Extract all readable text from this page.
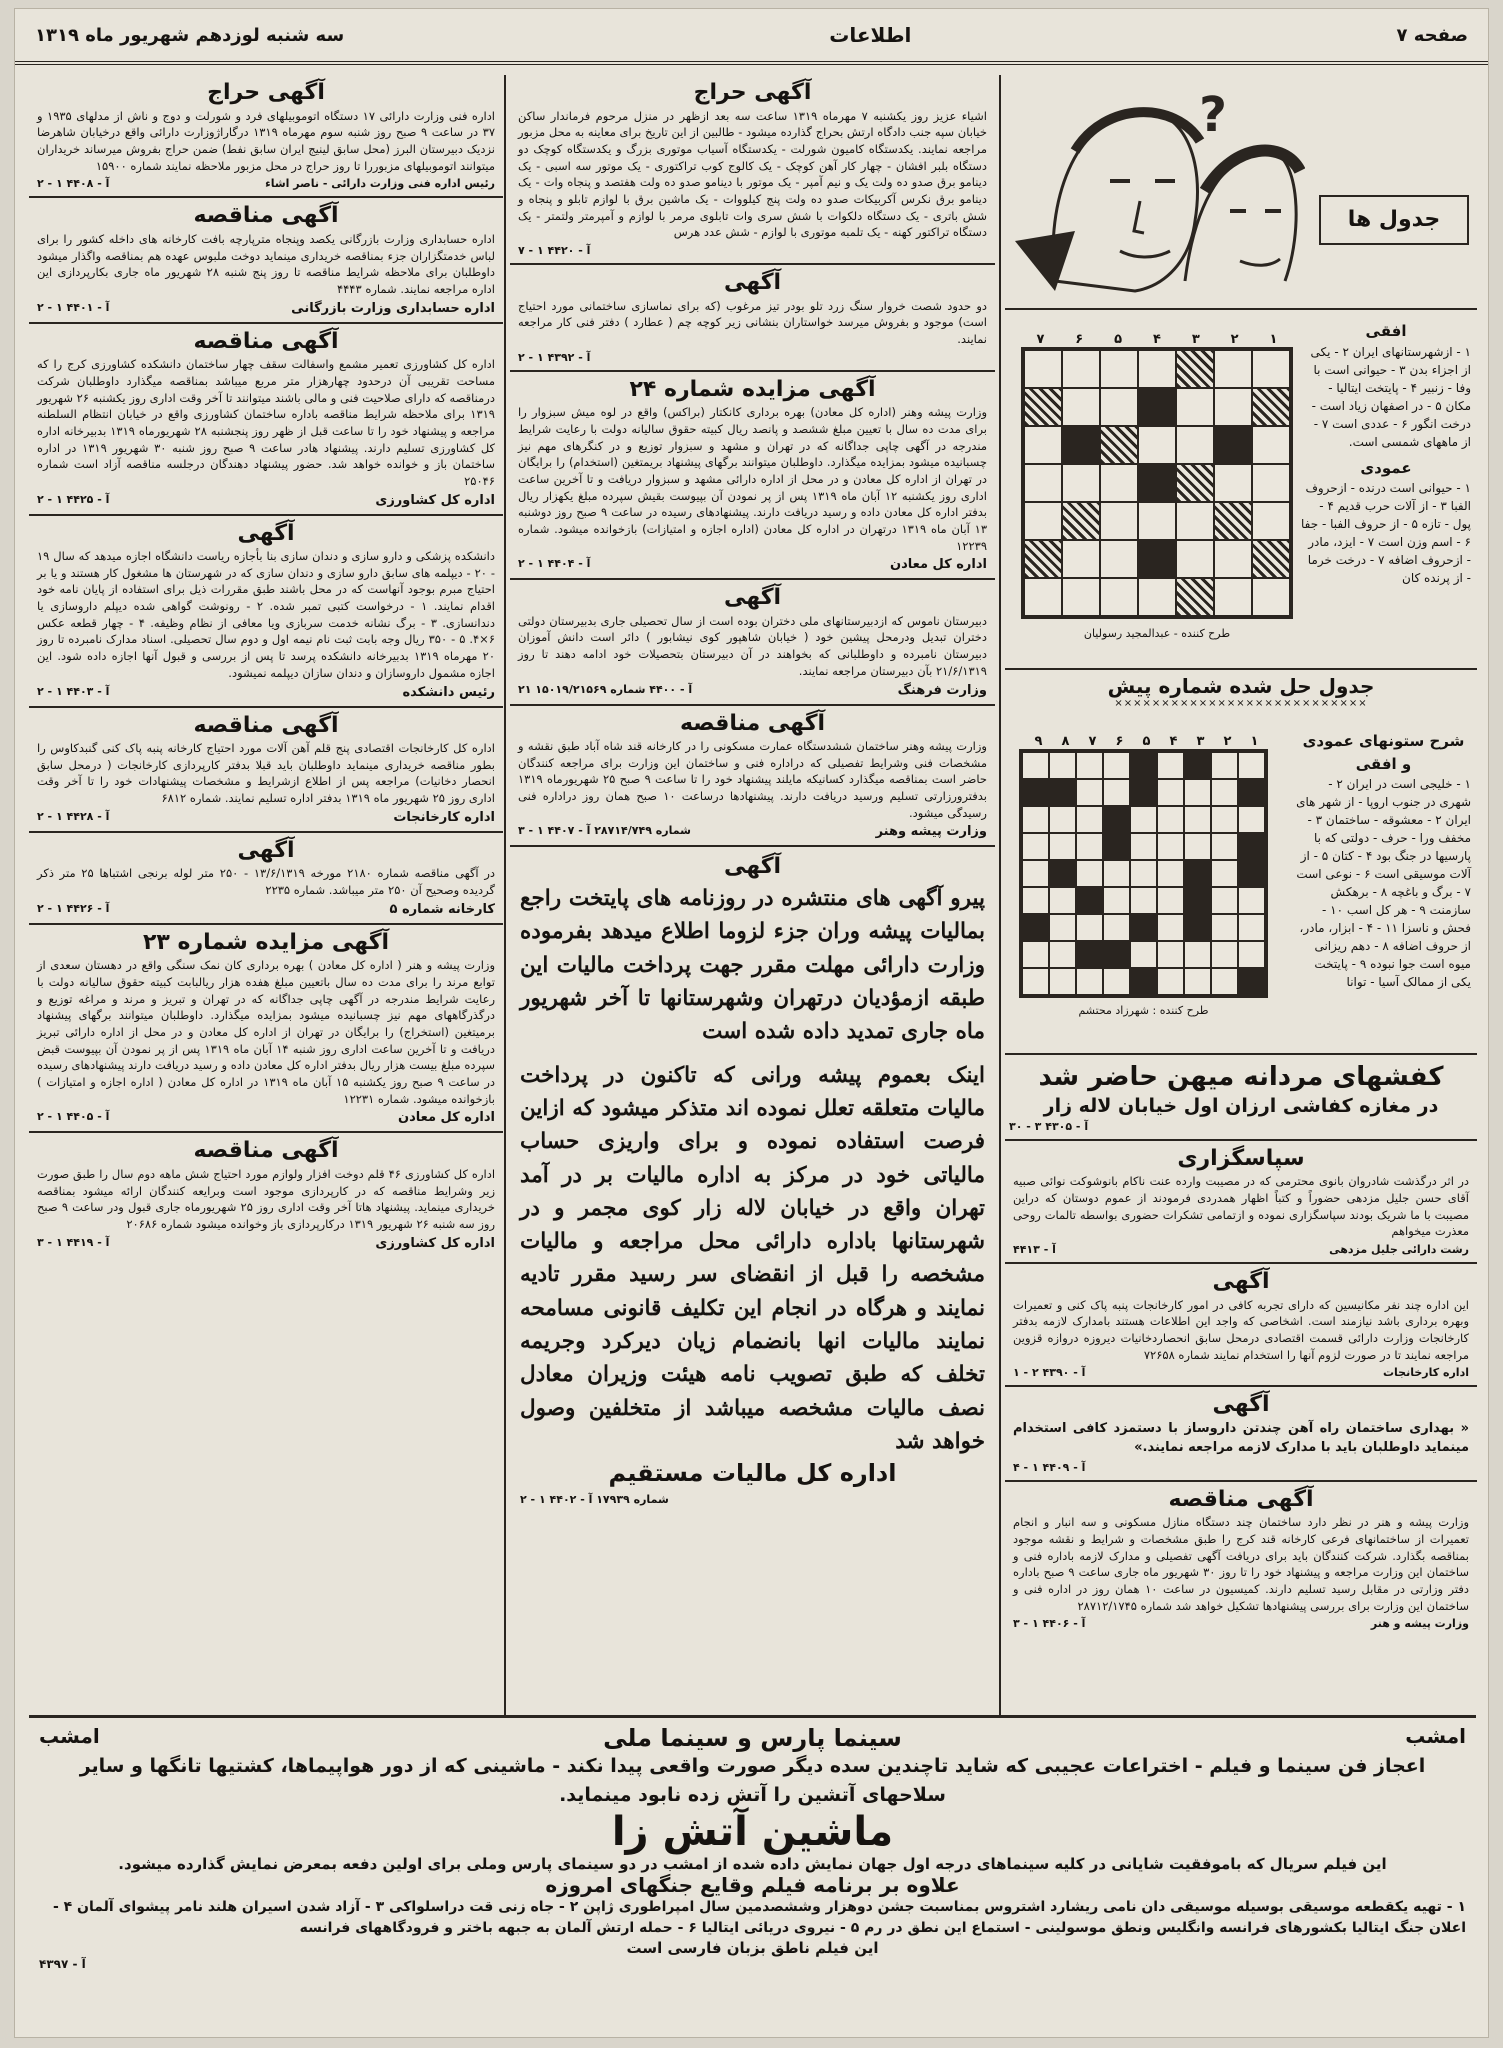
صفحه ۷
اطلاعات
سه شنبه لوزدهم شهریور ماه ۱۳۱۹
جدول ها
?
۷ ۶ ۵ ۴ ۳ ۲ ۱
طرح کننده - عبدالمجید رسولیان
افقی
۱ - ازشهرستانهای ایران ۲ - یکی از اجزاء بدن ۳ - حیوانی است با وفا - زنبیر ۴ - پایتخت ایتالیا - مکان ۵ - در اصفهان زیاد است - درخت انگور ۶ - عددی است ۷ - از ماههای شمسی است.
عمودی
۱ - حیوانی است درنده - ازحروف الفبا ۳ - از آلات حرب قدیم ۴ - پول - تازه ۵ - از حروف الفبا - جفا ۶ - اسم وزن است ۷ - ایزد، مادر - ازحروف اضافه ۷ - درخت خرما - از پرنده کان
جدول حل شده شماره پیش
×××××××××××××××××××××××××××
۹ ۸ ۷ ۶ ۵ ۴ ۳ ۲ ۱
طرح کننده : شهرزاد محتشم
شرح ستونهای عمودی و افقی
۱ - خلیجی است در ایران ۲ - شهری در جنوب اروپا - از شهر های ایران ۲ - معشوقه - ساختمان ۳ - مخفف ورا - حرف - دولتی که با پارسیها در جنگ بود ۴ - کتان ۵ - از آلات موسیقی است ۶ - نوعی است ۷ - برگ و باغچه ۸ - برهکش سازمنت ۹ - هر کل اسب ۱۰ - فحش و ناسزا ۱۱ - ۴ - ابزار، مادر، از حروف اضافه ۸ - دهم ریزانی میوه است جوا نبوده ۹ - پایتخت یکی از ممالک آسیا - توانا
کفشهای مردانه میهن حاضر شد
در مغازه کفاشی ارزان اول خیابان لاله زار
آ - ۴۳۰۵ ۳ - ۳۰
سپاسگزاری
در اثر درگذشت شادروان بانوی محترمی که در مصیبت وارده عنت ناکام بانوشوکت نوائی صبیه آقای حسن جلیل مزدهی حضوراً و کتباً اظهار همدردی فرمودند از عموم دوستان که دراین مصیبت با ما شریک بودند سپاسگزاری نموده و ازتمامی تشکرات حضوری بواسطه تالمات روحی معذرت میخواهم
رشت دارائی جلیل مزدهی
آ - ۴۴۱۳
آگهی
این اداره چند نفر مکانیسین که دارای تجربه کافی در امور کارخانجات پنبه پاک کنی و تعمیرات وبهره برداری باشد نیازمند است. اشخاصی که واجد این اطلاعات هستند بامدارک لازمه بدفتر کارخانجات وزارت دارائی قسمت اقتصادی درمحل سابق انحصاردخانیات دیروزه دروازه قزوین مراجعه نمایند تا در صورت لزوم آنها را استخدام نمایند شماره ۷۲۶۵۸
اداره کارخانجات
آ - ۴۳۹۰ ۲ - ۱
آگهی
« بهداری ساختمان راه آهن چندتن داروساز با دستمزد کافی استخدام مینماید داوطلبان باید با مدارک لازمه مراجعه نمایند.»
آ - ۴۴۰۹ ۱ - ۴
آگهی مناقصه
وزارت پیشه و هنر در نظر دارد ساختمان چند دستگاه منازل مسکونی و سه انبار و انجام تعمیرات از ساختمانهای فرعی کارخانه قند کرج را طبق مشخصات و شرایط و نقشه موجود بمناقصه بگذارد. شرکت کنندگان باید برای دریافت آگهی تفصیلی و مدارک لازمه باداره فنی و ساختمان این وزارت مراجعه و پیشنهاد خود را تا روز ۳۰ شهریور ماه جاری ساعت ۹ صبح باداره دفتر وزارتی در مقابل رسید تسلیم دارند. کمیسیون در ساعت ۱۰ همان روز در اداره فنی و ساختمان این وزارت برای بررسی پیشنهادها تشکیل خواهد شد شماره ۲۸۷۱۲/۱۷۴۵
وزارت پیشه و هنر
آ - ۴۴۰۶ ۱ - ۳
آگهی حراج
اشیاء عزیز روز یکشنبه ۷ مهرماه ۱۳۱۹ ساعت سه بعد ازظهر در منزل مرحوم فرماندار ساکن خیابان سپه جنب دادگاه ارتش بحراج گذارده میشود - طالبین از این تاریخ برای معاینه به محل مزبور مراجعه نمایند. یکدستگاه کامیون شورلت - یکدستگاه آسیاب موتوری بزرگ و یکدستگاه کوچک دو دستگاه بلبر افشان - چهار کار آهن کوچک - یک کالوج کوب تراکتوری - یک موتور سه اسبی - یک دینامو برق صدو ده ولت یک و نیم آمپر - یک موتور با دینامو صدو ده ولت هفتصد و پنجاه وات - یک دینامو برق نکرس آکربیکات صدو ده ولت پنج کیلووات - یک ماشین برق با لوازم تابلو و پنجاه و شش باتری - یک دستگاه دلکوات با شش سری وات تابلوی مرمر با لوازم و آمپرمتر ولتمتر - یک دستگاه تراکتور کهنه - یک تلمبه موتوری با لوازم - شش عدد هرس
آ - ۴۴۲۰ ۱ - ۷
آگهی
دو حدود شصت خروار سنگ زرد تلو بودر تیز مرغوب (که برای نماسازی ساختمانی مورد احتیاج است) موجود و بفروش میرسد خواستاران بنشانی زیر کوچه چم ( عطارد ) دفتر فنی کار مراجعه نمایند.
آ - ۴۳۹۲ ۱ - ۲
آگهی مزایده شماره ۲۴
وزارت پیشه وهنر (اداره کل معادن) بهره برداری کانکتار (براکس) واقع در لوه میش سبزوار را برای مدت ده سال با تعیین مبلغ ششصد و پانصد ریال کبیته حقوق سالیانه دولت با رعایت شرایط مندرجه در آگهی چاپی جداگانه که در تهران و مشهد و سبزوار توزیع و در کنگرهای مهم نیز چسبانیده میشود بمزایده میگذارد. داوطلبان میتوانند برگهای پیشنهاد بریمتغین (استخدام) را برایگان در تهران از اداره کل معادن و در محل از اداره دارائی مشهد و سبزوار دریافت و تا آخرین ساعت اداری روز یکشنبه ۱۲ آبان ماه ۱۳۱۹ پس از پر نمودن آن بپیوست بقیش سپرده مبلغ یکهزار ریال بدفتر اداره کل معادن داده و رسید دریافت دارند. پیشنهادهای رسیده در ساعت ۹ صبح روز دوشنبه ۱۳ آبان ماه ۱۳۱۹ درتهران در اداره کل معادن (اداره اجازه و امتیازات) بازخوانده میشود. شماره ۱۲۲۳۹
اداره کل معادن
آ - ۴۴۰۴ ۱ - ۲
آگهی
دبیرستان ناموس که ازدبیرستانهای ملی دختران بوده است از سال تحصیلی جاری بدبیرستان دولتی دختران تبدیل ودرمحل پیشین خود ( خیابان شاهپور کوی نیشابور ) دائر است دانش آموزان دبیرستان نامبرده و داوطلبانی که بخواهند در آن دبیرستان بتحصیلات خود ادامه دهند تا روز ۲۱/۶/۱۳۱۹ بآن دبیرستان مراجعه نمایند.
وزارت فرهنگ
آ - ۴۴۰۰ شماره ۱۵۰۱۹/۲۱۵۶۹ ۲۱
آگهی مناقصه
وزارت پیشه وهنر ساختمان ششدستگاه عمارت مسکونی را در کارخانه قند شاه آباد طبق نقشه و مشخصات فنی وشرایط تفصیلی که دراداره فنی و ساختمان این وزارت برای مراجعه کنندگان حاضر است بمناقصه میگذارد کسانیکه مایلند پیشنهاد خود را تا ساعت ۹ صبح ۲۵ شهریورماه ۱۳۱۹ بدفترورزارتی تسلیم ورسید دریافت دارند. پیشنهادها درساعت ۱۰ صبح همان روز دراداره فنی رسیدگی میشود.
وزارت پیشه وهنر
شماره ۲۸۷۱۴/۷۴۹ آ - ۴۴۰۷ ۱ - ۳
آگهی
پیرو آگهی های منتشره در روزنامه های پایتخت راجع بمالیات پیشه وران جزء لزوما اطلاع میدهد بفرموده وزارت دارائی مهلت مقرر جهت پرداخت مالیات این طبقه ازمؤدیان درتهران وشهرستانها تا آخر شهریور ماه جاری تمدید داده شده است
اینک بعموم پیشه ورانی که تاکنون در پرداخت مالیات متعلقه تعلل نموده اند متذکر میشود که ازاین فرصت استفاده نموده و برای واریزی حساب مالیاتی خود در مرکز به اداره مالیات بر در آمد تهران واقع در خیابان لاله زار کوی مجمر و در شهرستانها باداره دارائی محل مراجعه و مالیات مشخصه را قبل از انقضای سر رسید مقرر تادیه نمایند و هرگاه در انجام این تکلیف قانونی مسامحه نمایند مالیات انها بانضمام زیان دیرکرد وجریمه تخلف که طبق تصویب نامه هیئت وزیران معادل نصف مالیات مشخصه میباشد از متخلفین وصول خواهد شد
اداره کل مالیات مستقیم
شماره ۱۷۹۳۹ آ - ۴۴۰۲ ۱ - ۲
آگهی حراج
اداره فنی وزارت دارائی ۱۷ دستگاه اتوموبیلهای فرد و شورلت و دوج و ناش از مدلهای ۱۹۳۵ و ۳۷ در ساعت ۹ صبح روز شنبه سوم مهرماه ۱۳۱۹ درگاراژوزارت دارائی واقع درخیابان شاهرضا نزدیک دبیرستان البرز (محل سابق لینیج ایران سابق نفط) ضمن حراج بفروش میرساند خریداران میتوانند اتوموبیلهای مزبوررا تا روز حراج در محل مزبور ملاحظه نمایند شماره ۱۵۹۰۰
رئیس اداره فنی وزارت دارائی - ناصر اشاء
آ - ۴۴۰۸ ۱ - ۲
آگهی مناقصه
اداره حسابداری وزارت بازرگانی یکصد وپنجاه مترپارچه بافت کارخانه های داخله کشور را برای لباس خدمتگزاران جزء بمناقصه خریداری مینماید دوخت ملبوس عهده هم بمناقصه واگذار میشود داوطلبان برای ملاحظه شرایط مناقصه تا روز پنج شنبه ۲۸ شهریور ماه جاری بکارپردازی این اداره مراجعه نمایند. شماره ۴۴۴۳
اداره حسابداری وزارت بازرگانی
آ - ۴۴۰۱ ۱ - ۲
آگهی مناقصه
اداره کل کشاورزی تعمیر مشمع واسفالت سقف چهار ساختمان دانشکده کشاورزی کرج را که مساحت تقریبی آن درحدود چهارهزار متر مربع میباشد بمناقصه میگذارد داوطلبان شرکت درمناقصه که دارای صلاحیت فنی و مالی باشند میتوانند تا آخر وقت اداری روز یکشنبه ۲۶ شهریور ۱۳۱۹ برای ملاحظه شرایط مناقصه باداره ساختمان کشاورزی واقع در خیابان انتظام السلطنه مراجعه و پیشنهاد خود را تا ساعت قبل از ظهر روز پنجشنبه ۲۸ شهریورماه ۱۳۱۹ بدبیرخانه اداره کل کشاورزی تسلیم دارند. پیشنهاد هادر ساعت ۹ صبح روز شنبه ۳۰ شهریور ۱۳۱۹ در اداره ساختمان باز و خوانده خواهد شد. حضور پیشنهاد دهندگان درجلسه مناقصه آزاد است شماره ۲۵۰۴۶
اداره کل کشاورزی
آ - ۴۴۲۵ ۱ - ۲
آگهی
دانشکده پزشکی و دارو سازی و دندان سازی بنا بأجازه ریاست دانشگاه اجازه میدهد که سال ۱۹ - ۲۰ - دیپلمه های سابق دارو سازی و دندان سازی که در شهرستان ها مشغول کار هستند و یا بر احتیاج مبرم بوجود آنهاست که در محل باشند طبق مقررات ذیل برای استفاده از پایان نامه خود اقدام نمایند. ۱ - درخواست کتبی تمبر شده. ۲ - رونوشت گواهی شده دیپلم داروسازی یا دندانسازی. ۳ - برگ نشانه خدمت سربازی ویا معافی از نظام وظیفه. ۴ - چهار قطعه عکس ۶×۴. ۵ - ۳۵۰ ریال وجه بابت ثبت نام نیمه اول و دوم سال تحصیلی. اسناد مدارک نامبرده تا روز ۲۰ مهرماه ۱۳۱۹ بدبیرخانه دانشکده پرسد تا پس از بررسی و قبول آنها اجازه داده شود. این اجازه مشمول داروسازان و دندان سازان دیپلمه نمیشود.
رئیس دانشکده
آ - ۴۴۰۳ ۱ - ۲
آگهی مناقصه
اداره کل کارخانجات اقتصادی پنج قلم آهن آلات مورد احتیاج کارخانه پنبه پاک کنی گنبدکاوس را بطور مناقصه خریداری مینماید داوطلبان باید قبلا بدفتر کارپردازی کارخانجات ( درمحل سابق انحصار دخانیات) مراجعه پس از اطلاع ازشرایط و مشخصات پیشنهادات خود را تا آخر وقت اداری روز ۲۵ شهریور ماه ۱۳۱۹ بدفتر اداره تسلیم نمایند. شماره ۶۸۱۲
اداره کارخانجات
آ - ۴۴۲۸ ۱ - ۲
آگهی
در آگهی مناقصه شماره ۲۱۸۰ مورخه ۱۳/۶/۱۳۱۹ - ۲۵۰ متر لوله برنجی اشتباها ۲۵ متر ذکر گردیده وصحیح آن ۲۵۰ متر میباشد. شماره ۲۲۳۵
کارخانه شماره ۵
آ - ۴۴۲۶ ۱ - ۲
آگهی مزایده شماره ۲۳
وزارت پیشه و هنر ( اداره کل معادن ) بهره برداری کان نمک سنگی واقع در دهستان سعدی از توابع مرند را برای مدت ده سال باتعیین مبلغ هفده هزار ریالبابت کبیته حقوق سالیانه دولت با رعایت شرایط مندرجه در آگهی چاپی جداگانه که در تهران و تبریز و مرند و مراغه توزیع و درگذرگاههای مهم نیز چسبانیده میشود بمزایده میگذارد. داوطلبان میتوانند برگهای پیشنهاد برمیتغین (استخراج) را برایگان در تهران از اداره کل معادن و در محل از اداره دارائی تبریز دریافت و تا آخرین ساعت اداری روز شنبه ۱۴ آبان ماه ۱۳۱۹ پس از پر نمودن آن بپیوست قبض سپرده مبلغ بیست هزار ریال بدفتر اداره کل معادن داده و رسید دریافت دارند پیشنهادهای رسیده در ساعت ۹ صبح روز یکشنبه ۱۵ آبان ماه ۱۳۱۹ در اداره کل معادن ( اداره اجازه و امتیازات ) بازخوانده میشود. شماره ۱۲۲۳۱
اداره کل معادن
آ - ۴۴۰۵ ۱ - ۲
آگهی مناقصه
اداره کل کشاورزی ۴۶ قلم دوخت افزار ولوازم مورد احتیاج شش ماهه دوم سال را طبق صورت زیر وشرایط مناقصه که در کارپردازی موجود است وبرایعه کنندگان ارائه میشود بمناقصه خریداری مینماید. پیشنهاد هاتا آخر وقت اداری روز ۲۵ شهریورماه جاری قبول ودر ساعت ۹ صبح روز سه شنبه ۲۶ شهریور ۱۳۱۹ درکارپردازی باز وخوانده میشود شماره ۲۰۶۸۶
اداره کل کشاورزی
آ - ۴۴۱۹ ۱ - ۳
امشب
امشب	سینما پارس و سینما ملی
اعجاز فن سینما و فیلم - اختراعات عجیبی که شاید تاچندین سده دیگر صورت واقعی پیدا نکند - ماشینی که از دور هواپیماها، کشتیها تانگها و سایر سلاحهای آتشین را آتش زده نابود مینماید.
ماشین آتش زا
این فیلم سریال که باموفقیت شایانی در کلیه سینماهای درجه اول جهان نمایش داده شده از امشب در دو سینمای پارس وملی برای اولین دفعه بمعرض نمایش گذارده میشود.
علاوه بر برنامه فیلم وقایع جنگهای امروزه
۱ - تهیه یکقطعه موسیقی بوسیله موسیقی دان نامی ریشارد اشتروس بمناسبت جشن دوهزار وششصدمین سال امپراطوری ژاپن ۲ - جاه زنی قت دراسلواکی ۳ - آزاد شدن اسیران هلند نامر پیشوای آلمان ۴ - اعلان جنگ ایتالیا بکشورهای فرانسه وانگلیس ونطق موسولینی - استماع این نطق در رم ۵ - نیروی دریائی ایتالیا ۶ - حمله ارتش آلمان به جبهه باختر و فرودگاههای فرانسه
این فیلم ناطق بزبان فارسی است
آ - ۴۳۹۷
